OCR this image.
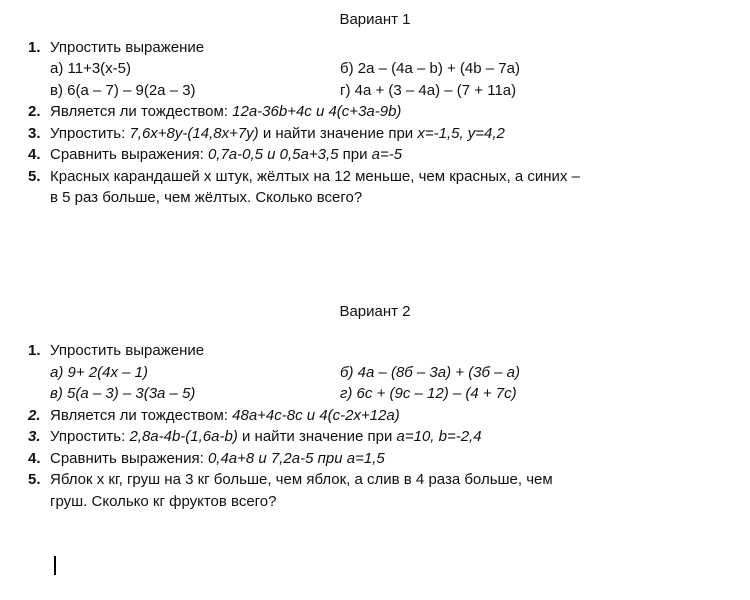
Вариант 1
1. Упростить выражение
а) 11+3(x-5)	б) 2a – (4a – b) + (4b – 7a)
в) 6(a – 7) – 9(2a – 3)	г) 4a + (3 – 4a) – (7 + 11a)
2. Является ли тождеством: 12a-36b+4c и 4(c+3a-9b)
3. Упростить: 7,6x+8y-(14,8x+7y) и найти значение при x=-1,5, y=4,2
4. Сравнить выражения: 0,7a-0,5 и 0,5a+3,5 при a=-5
5. Красных карандашей x штук, жёлтых на 12 меньше, чем красных, а синих –
в 5 раз больше, чем жёлтых. Сколько всего?
Вариант 2
1. Упростить выражение
а) 9+ 2(4x – 1)	б) 4a – (8б – 3a) + (3б – a)
в) 5(a – 3) – 3(3a – 5)	г) 6c + (9c – 12) – (4 + 7c)
2. Является ли тождеством: 48a+4c-8c и 4(c-2x+12a)
3. Упростить: 2,8a-4b-(1,6a-b) и найти значение при a=10, b=-2,4
4. Сравнить выражения: 0,4a+8 и 7,2a-5 при a=1,5
5. Яблок x кг, груш на 3 кг больше, чем яблок, а слив в 4 раза больше, чем
груш. Сколько кг фруктов всего?
